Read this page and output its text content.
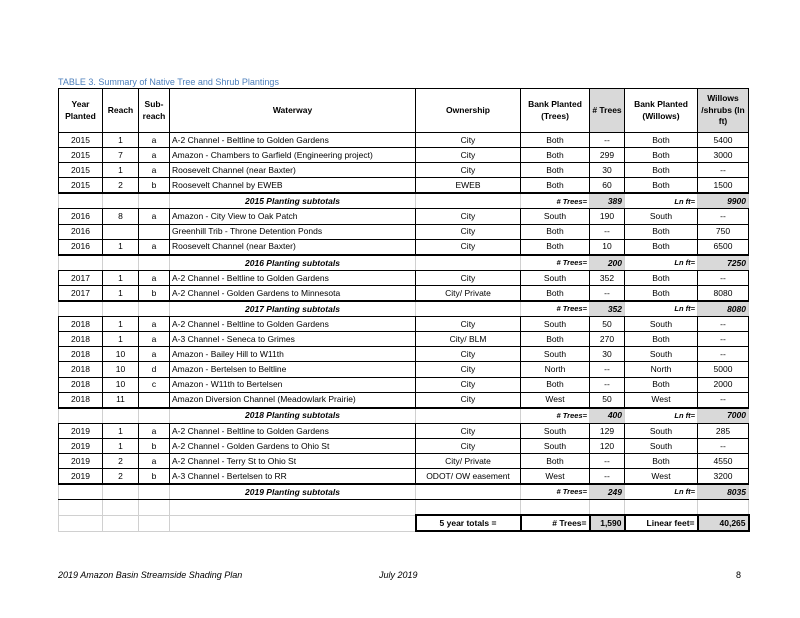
TABLE 3. Summary of Native Tree and Shrub Plantings
Year Planted	Reach	Sub-reach	Waterway	Ownership	Bank Planted (Trees)	# Trees	Bank Planted (Willows)	Willows /shrubs (ln ft)
2015	1	a	A-2 Channel - Beltline to Golden Gardens	City	Both	--	Both	5400
2015	7	a	Amazon - Chambers to Garfield (Engineering project)	City	Both	299	Both	3000
2015	1	a	Roosevelt Channel (near Baxter)	City	Both	30	Both	--
2015	2	b	Roosevelt Channel by EWEB	EWEB	Both	60	Both	1500
			2015 Planting subtotals		# Trees=	389	Ln ft=	9900
2016	8	a	Amazon - City View to Oak Patch	City	South	190	South	--
2016			Greenhill Trib - Throne Detention Ponds	City	Both	--	Both	750
2016	1	a	Roosevelt Channel (near Baxter)	City	Both	10	Both	6500
			2016 Planting subtotals		# Trees=	200	Ln ft=	7250
2017	1	a	A-2 Channel - Beltline to Golden Gardens	City	South	352	Both	--
2017	1	b	A-2 Channel - Golden Gardens to Minnesota	City/ Private	Both	--	Both	8080
			2017 Planting subtotals		# Trees=	352	Ln ft=	8080
2018	1	a	A-2 Channel - Beltline to Golden Gardens	City	South	50	South	--
2018	1	a	A-3 Channel - Seneca to Grimes	City/ BLM	Both	270	Both	--
2018	10	a	Amazon - Bailey Hill to W11th	City	South	30	South	--
2018	10	d	Amazon - Bertelsen to Beltline	City	North	--	North	5000
2018	10	c	Amazon - W11th to Bertelsen	City	Both	--	Both	2000
2018	11		Amazon Diversion Channel (Meadowlark Prairie)	City	West	50	West	--
			2018 Planting subtotals		# Trees=	400	Ln ft=	7000
2019	1	a	A-2 Channel - Beltline to Golden Gardens	City	South	129	South	285
2019	1	b	A-2 Channel - Golden Gardens to Ohio St	City	South	120	South	--
2019	2	a	A-2 Channel - Terry St to Ohio St	City/ Private	Both	--	Both	4550
2019	2	b	A-3 Channel - Bertelsen to RR	ODOT/ OW easement	West	--	West	3200
			2019 Planting subtotals		# Trees=	249	Ln ft=	8035

				5 year totals =	# Trees=	1,590	Linear feet=	40,265
2019 Amazon Basin Streamside Shading Plan	July 2019	8
